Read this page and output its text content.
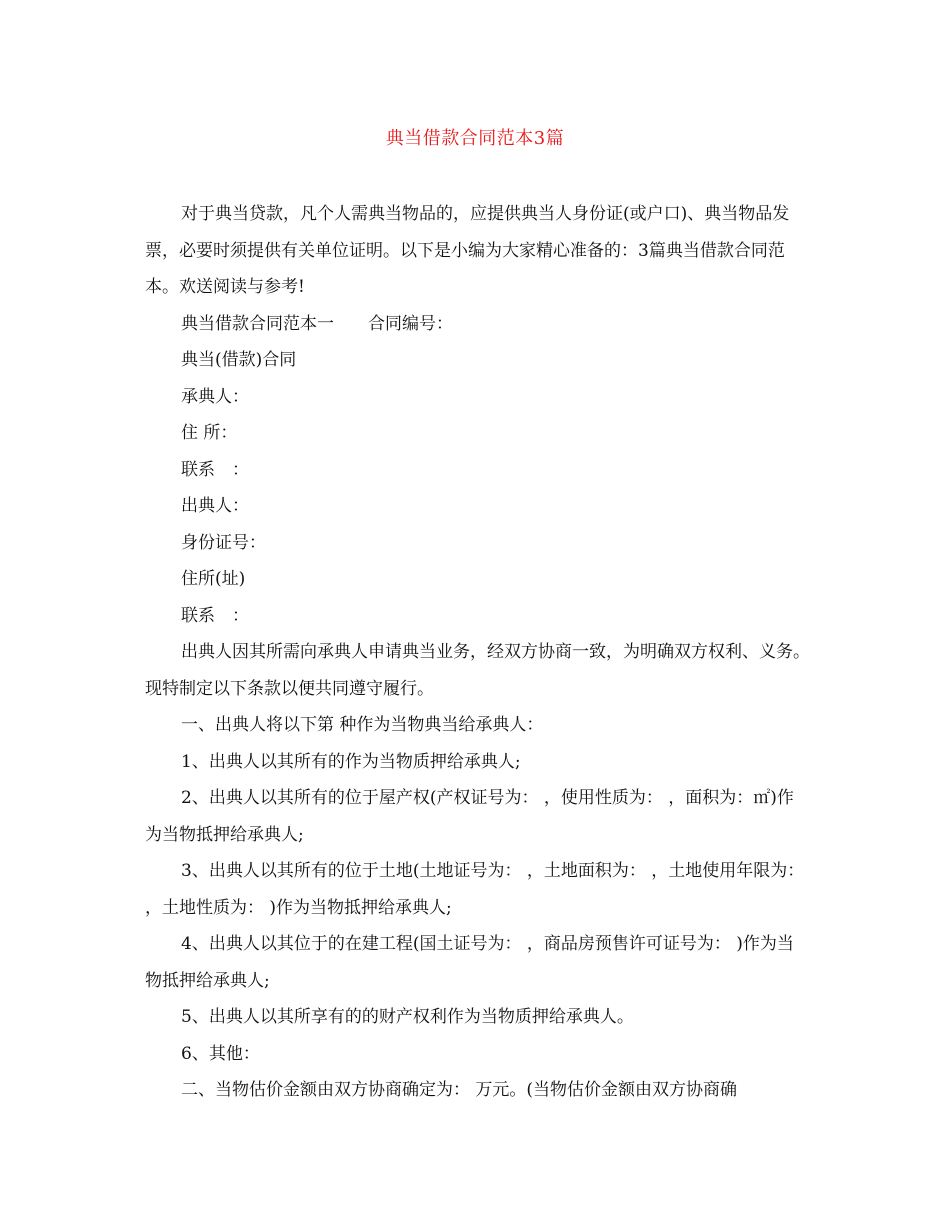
典当借款合同范本3篇

对于典当贷款，凡个人需典当物品的，应提供典当人身份证(或户口)、典当物品发票，必要时须提供有关单位证明。以下是小编为大家精心准备的：3篇典当借款合同范本。欢送阅读与参考!

典当借款合同范本一　　合同编号：

典当(借款)合同

承典人：

住 所：

联系　：

出典人：

身份证号：

住所(址)

联系　：

出典人因其所需向承典人申请典当业务，经双方协商一致，为明确双方权利、义务。现特制定以下条款以便共同遵守履行。

一、出典人将以下第 种作为当物典当给承典人：

1、出典人以其所有的作为当物质押给承典人;

2、出典人以其所有的位于屋产权(产权证号为： ，使用性质为： ，面积为：㎡)作为当物抵押给承典人;

3、出典人以其所有的位于土地(土地证号为： ，土地面积为： ，土地使用年限为： ，土地性质为： )作为当物抵押给承典人;

4、出典人以其位于的在建工程(国土证号为： ，商品房预售许可证号为： )作为当物抵押给承典人;

5、出典人以其所享有的的财产权利作为当物质押给承典人。

6、其他：

二、当物估价金额由双方协商确定为： 万元。(当物估价金额由双方协商确
